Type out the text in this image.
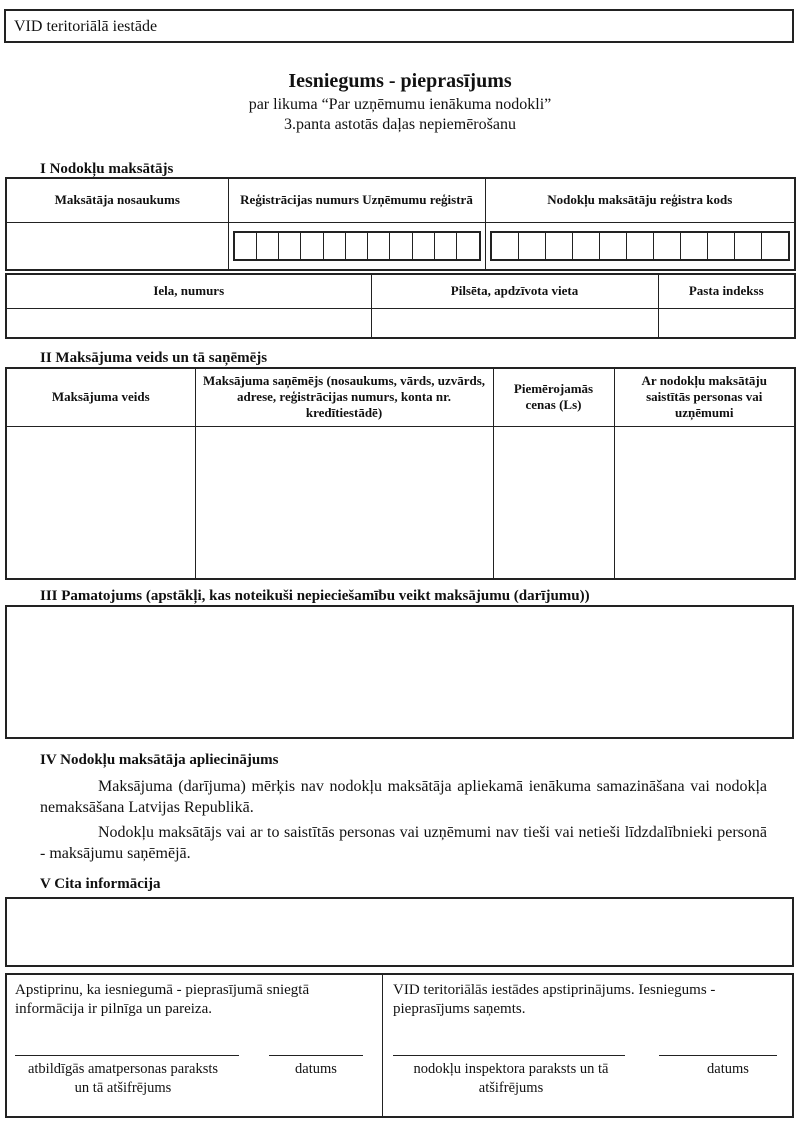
VID teritoriālā iestāde
Iesniegums - pieprasījums
par likuma “Par uzņēmumu ienākuma nodokli”
3.panta astotās daļas nepiemērošanu
I Nodokļu maksātājs
Maksātāja nosaukums	Reģistrācijas numurs Uzņēmumu reģistrā	Nodokļu maksātāju reģistra kods

Iela, numurs	Pilsēta, apdzīvota vieta	Pasta indekss

II Maksājuma veids un tā saņēmējs
Maksājuma veids	Maksājuma saņēmējs (nosaukums, vārds, uzvārds, adrese, reģistrācijas numurs, konta nr. kredītiestādē)	Piemērojamās cenas (Ls)	Ar nodokļu maksātāju saistītās personas vai uzņēmumi

III Pamatojums (apstākļi, kas noteikuši nepieciešamību veikt maksājumu (darījumu))
IV Nodokļu maksātāja apliecinājums
Maksājuma (darījuma) mērķis nav nodokļu maksātāja apliekamā ienākuma samazināšana vai nodokļa nemaksāšana Latvijas Republikā.
Nodokļu maksātājs vai ar to saistītās personas vai uzņēmumi nav tieši vai netieši līdzdalībnieki personā - maksājumu saņēmējā.
V Cita informācija
Apstiprinu, ka iesniegumā - pieprasījumā sniegtā informācija ir pilnīga un pareiza.
atbildīgās amatpersonas paraksts un tā atšifrējums
datums
VID teritoriālās iestādes apstiprinājums. Iesniegums - pieprasījums saņemts.
nodokļu inspektora paraksts un tā atšifrējums
datums
